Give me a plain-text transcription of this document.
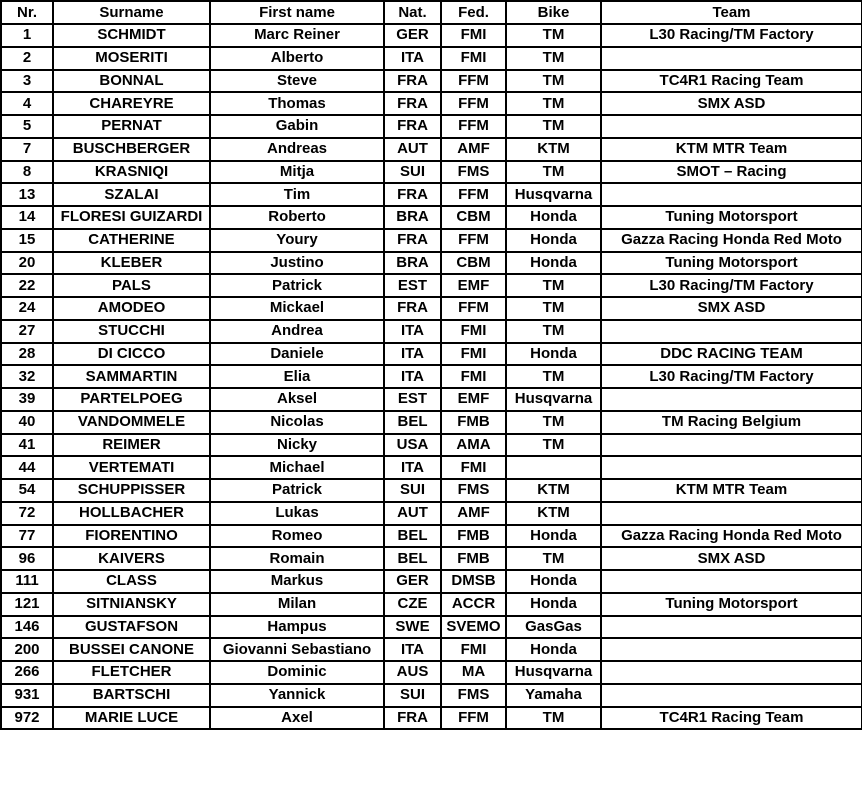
Nr.	Surname	First name	Nat.	Fed.	Bike	Team
1	SCHMIDT	Marc Reiner	GER	FMI	TM	L30 Racing/TM Factory
2	MOSERITI	Alberto	ITA	FMI	TM	
3	BONNAL	Steve	FRA	FFM	TM	TC4R1 Racing Team
4	CHAREYRE	Thomas	FRA	FFM	TM	SMX ASD
5	PERNAT	Gabin	FRA	FFM	TM	
7	BUSCHBERGER	Andreas	AUT	AMF	KTM	KTM MTR Team
8	KRASNIQI	Mitja	SUI	FMS	TM	SMOT – Racing
13	SZALAI	Tim	FRA	FFM	Husqvarna	
14	FLORESI GUIZARDI	Roberto	BRA	CBM	Honda	Tuning Motorsport
15	CATHERINE	Youry	FRA	FFM	Honda	Gazza Racing Honda Red Moto
20	KLEBER	Justino	BRA	CBM	Honda	Tuning Motorsport
22	PALS	Patrick	EST	EMF	TM	L30 Racing/TM Factory
24	AMODEO	Mickael	FRA	FFM	TM	SMX ASD
27	STUCCHI	Andrea	ITA	FMI	TM	
28	DI CICCO	Daniele	ITA	FMI	Honda	DDC RACING TEAM
32	SAMMARTIN	Elia	ITA	FMI	TM	L30 Racing/TM Factory
39	PARTELPOEG	Aksel	EST	EMF	Husqvarna	
40	VANDOMMELE	Nicolas	BEL	FMB	TM	TM Racing Belgium
41	REIMER	Nicky	USA	AMA	TM	
44	VERTEMATI	Michael	ITA	FMI		
54	SCHUPPISSER	Patrick	SUI	FMS	KTM	KTM MTR Team
72	HOLLBACHER	Lukas	AUT	AMF	KTM	
77	FIORENTINO	Romeo	BEL	FMB	Honda	Gazza Racing Honda Red Moto
96	KAIVERS	Romain	BEL	FMB	TM	SMX ASD
111	CLASS	Markus	GER	DMSB	Honda	
121	SITNIANSKY	Milan	CZE	ACCR	Honda	Tuning Motorsport
146	GUSTAFSON	Hampus	SWE	SVEMO	GasGas	
200	BUSSEI CANONE	Giovanni Sebastiano	ITA	FMI	Honda	
266	FLETCHER	Dominic	AUS	MA	Husqvarna	
931	BARTSCHI	Yannick	SUI	FMS	Yamaha	
972	MARIE LUCE	Axel	FRA	FFM	TM	TC4R1 Racing Team
